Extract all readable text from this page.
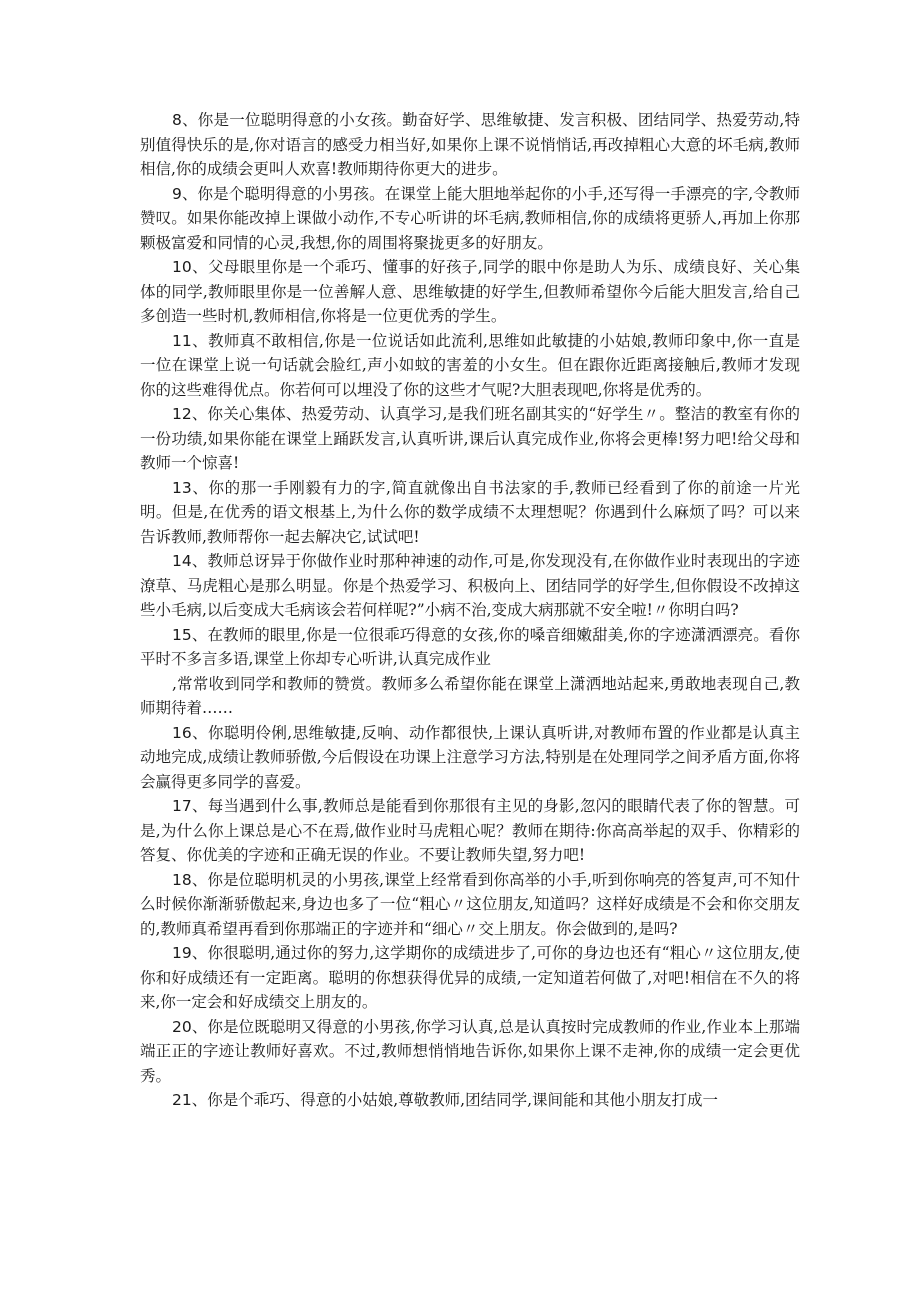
8、你是一位聪明得意的小女孩。勤奋好学、思维敏捷、发言积极、团结同学、热爱劳动,特别值得快乐的是,你对语言的感受力相当好,如果你上课不说悄悄话,再改掉粗心大意的坏毛病,教师相信,你的成绩会更叫人欢喜!教师期待你更大的进步。

9、你是个聪明得意的小男孩。在课堂上能大胆地举起你的小手,还写得一手漂亮的字,令教师赞叹。如果你能改掉上课做小动作,不专心听讲的坏毛病,教师相信,你的成绩将更骄人,再加上你那颗极富爱和同情的心灵,我想,你的周围将聚拢更多的好朋友。

10、父母眼里你是一个乖巧、懂事的好孩子,同学的眼中你是助人为乐、成绩良好、关心集体的同学,教师眼里你是一位善解人意、思维敏捷的好学生,但教师希望你今后能大胆发言,给自己多创造一些时机,教师相信,你将是一位更优秀的学生。

11、教师真不敢相信,你是一位说话如此流利,思维如此敏捷的小姑娘,教师印象中,你一直是一位在课堂上说一句话就会脸红,声小如蚊的害羞的小女生。但在跟你近距离接触后,教师才发现你的这些难得优点。你若何可以埋没了你的这些才气呢?大胆表现吧,你将是优秀的。

12、你关心集体、热爱劳动、认真学习,是我们班名副其实的“好学生〃。整洁的教室有你的一份功绩,如果你能在课堂上踊跃发言,认真听讲,课后认真完成作业,你将会更棒!努力吧!给父母和教师一个惊喜!

13、你的那一手刚毅有力的字,简直就像出自书法家的手,教师已经看到了你的前途一片光明。但是,在优秀的语文根基上,为什么你的数学成绩不太理想呢？你遇到什么麻烦了吗？可以来告诉教师,教师帮你一起去解决它,试试吧!

14、教师总讶异于你做作业时那种神速的动作,可是,你发现没有,在你做作业时表现出的字迹潦草、马虎粗心是那么明显。你是个热爱学习、积极向上、团结同学的好学生,但你假设不改掉这些小毛病,以后变成大毛病该会若何样呢?”小病不治,变成大病那就不安全啦!〃你明白吗?

15、在教师的眼里,你是一位很乖巧得意的女孩,你的嗓音细嫩甜美,你的字迹潇洒漂亮。看你平时不多言多语,课堂上你却专心听讲,认真完成作业

,常常收到同学和教师的赞赏。教师多么希望你能在课堂上潇洒地站起来,勇敢地表现自己,教师期待着……

16、你聪明伶俐,思维敏捷,反响、动作都很快,上课认真听讲,对教师布置的作业都是认真主动地完成,成绩让教师骄傲,今后假设在功课上注意学习方法,特别是在处理同学之间矛盾方面,你将会赢得更多同学的喜爱。

17、每当遇到什么事,教师总是能看到你那很有主见的身影,忽闪的眼睛代表了你的智慧。可是,为什么你上课总是心不在焉,做作业时马虎粗心呢？教师在期待:你高高举起的双手、你精彩的答复、你优美的字迹和正确无误的作业。不要让教师失望,努力吧!

18、你是位聪明机灵的小男孩,课堂上经常看到你高举的小手,听到你响亮的答复声,可不知什么时候你渐渐骄傲起来,身边也多了一位“粗心〃这位朋友,知道吗？这样好成绩是不会和你交朋友的,教师真希望再看到你那端正的字迹并和“细心〃交上朋友。你会做到的,是吗?

19、你很聪明,通过你的努力,这学期你的成绩进步了,可你的身边也还有“粗心〃这位朋友,使你和好成绩还有一定距离。聪明的你想获得优异的成绩,一定知道若何做了,对吧!相信在不久的将来,你一定会和好成绩交上朋友的。

20、你是位既聪明又得意的小男孩,你学习认真,总是认真按时完成教师的作业,作业本上那端端正正的字迹让教师好喜欢。不过,教师想悄悄地告诉你,如果你上课不走神,你的成绩一定会更优秀。

21、你是个乖巧、得意的小姑娘,尊敬教师,团结同学,课间能和其他小朋友打成一
